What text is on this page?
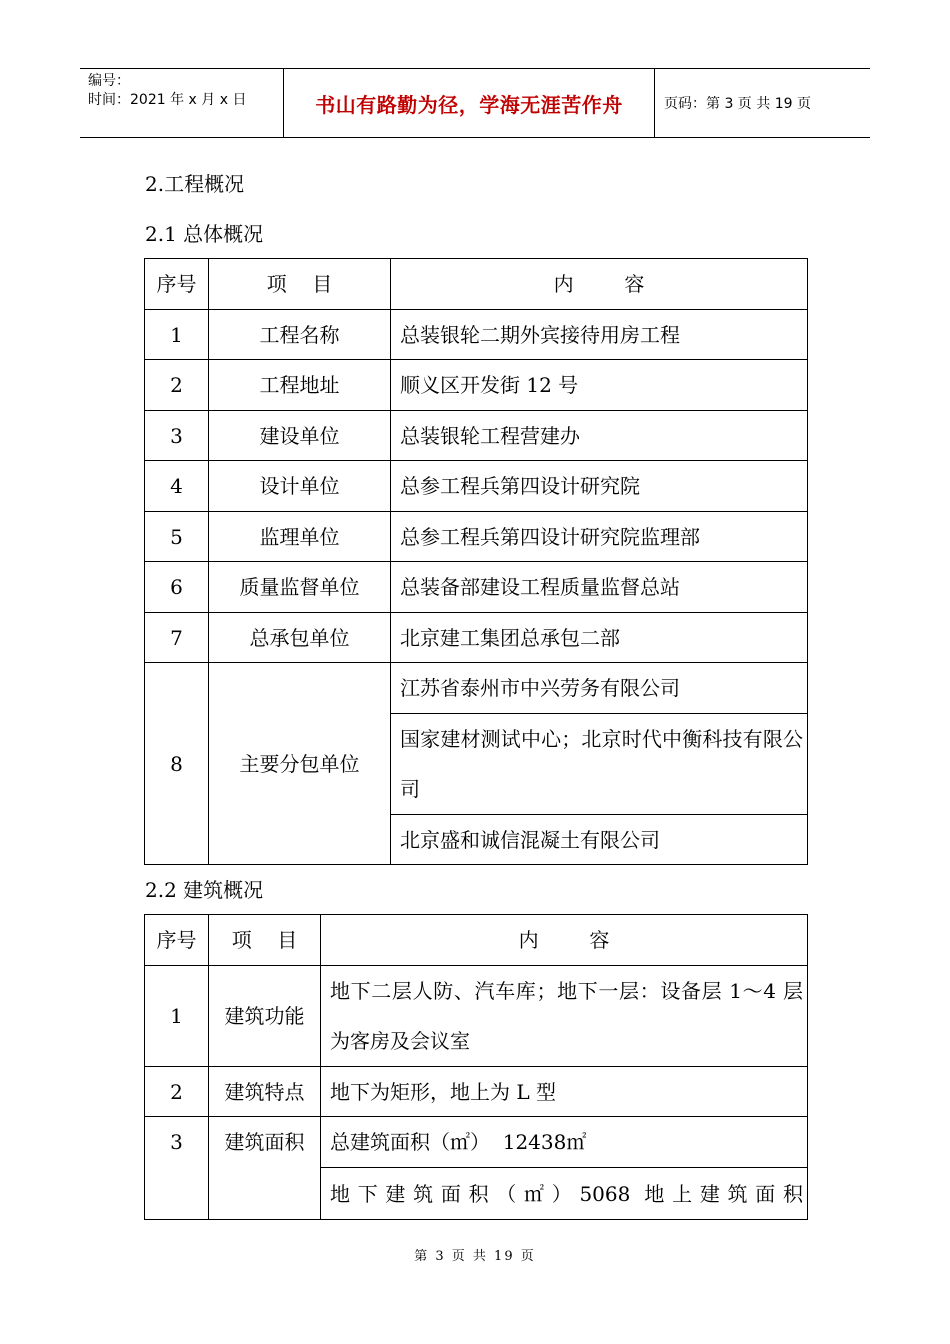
编号：
时间：2021 年 x 月 x 日	书山有路勤为径，学海无涯苦作舟	页码：第 3 页 共 19 页
2.工程概况
2.1 总体概况
序号	项    目	内        容
1	工程名称	总装银轮二期外宾接待用房工程
2	工程地址	顺义区开发街 12 号
3	建设单位	总装银轮工程营建办
4	设计单位	总参工程兵第四设计研究院
5	监理单位	总参工程兵第四设计研究院监理部
6	质量监督单位	总装备部建设工程质量监督总站
7	总承包单位	北京建工集团总承包二部
8	主要分包单位	江苏省泰州市中兴劳务有限公司
		国家建材测试中心；北京时代中衡科技有限公司
		北京盛和诚信混凝土有限公司
2.2 建筑概况
序号	项    目	内        容
1	建筑功能	地下二层人防、汽车库；地下一层：设备层 1～4 层为客房及会议室
2	建筑特点	地下为矩形，地上为 L 型
3	建筑面积	总建筑面积（㎡）  12438㎡
		地下建筑面积（㎡）5068 地上建筑面积
第 3 页 共 19 页
